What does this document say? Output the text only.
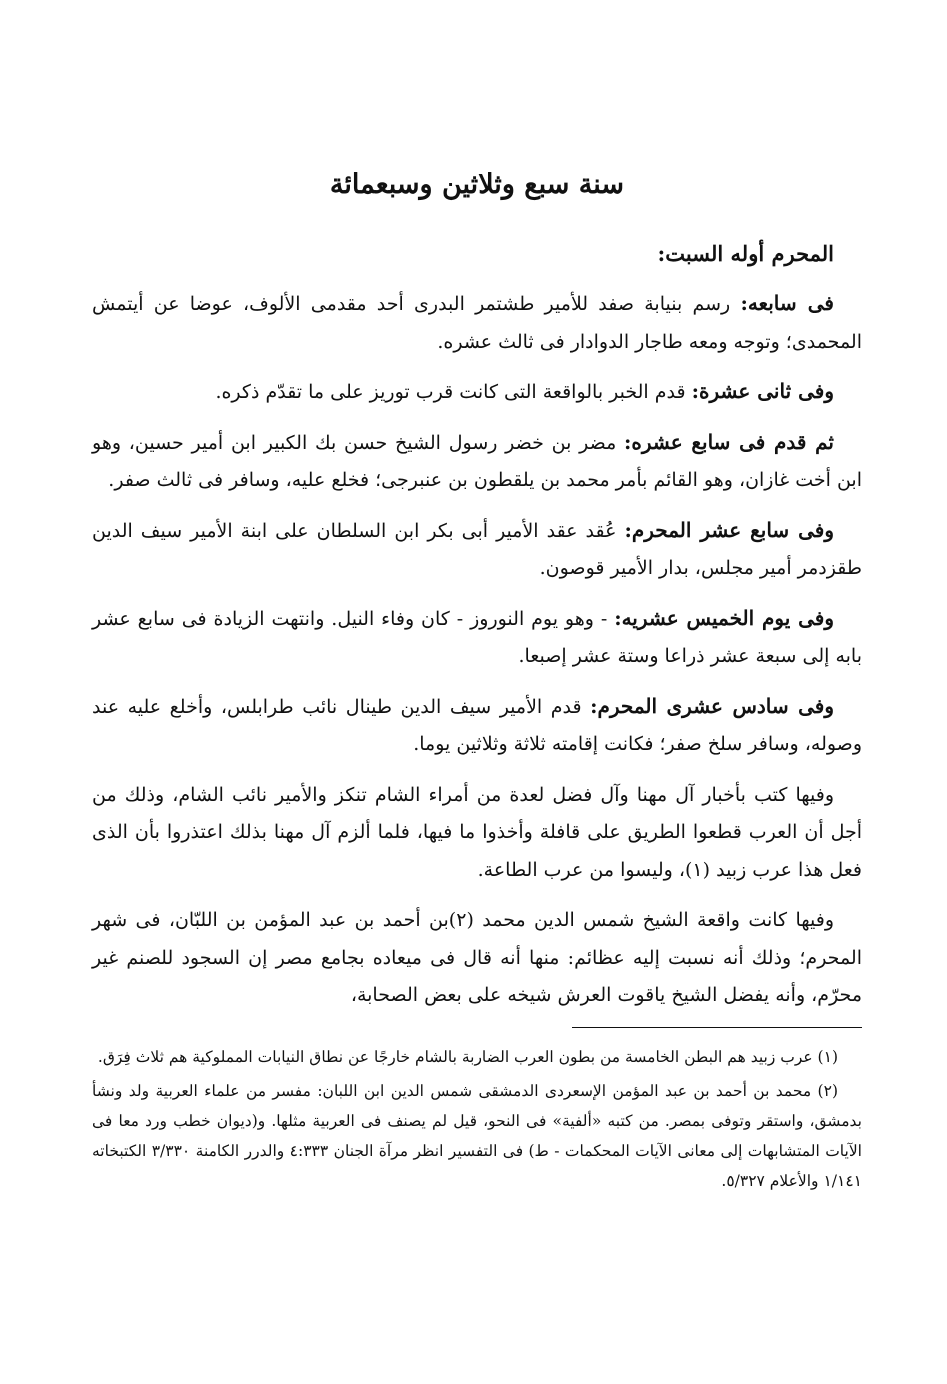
سنة سبع وثلاثين وسبعمائة
المحرم أوله السبت:

فى سابعه: رسم بنيابة صفد للأمير طشتمر البدرى أحد مقدمى الألوف، عوضا عن أيتمش المحمدى؛ وتوجه ومعه طاجار الدوادار فى ثالث عشره.

وفى ثانى عشرة: قدم الخبر بالواقعة التى كانت قرب توريز على ما تقدّم ذكره.

ثم قدم فى سابع عشره: مضر بن خضر رسول الشيخ حسن بك الكبير ابن أمير حسين، وهو ابن أخت غازان، وهو القائم بأمر محمد بن يلقطون بن عنبرجى؛ فخلع عليه، وسافر فى ثالث صفر.

وفى سابع عشر المحرم: عُقد عقد الأمير أبى بكر ابن السلطان على ابنة الأمير سيف الدين طقزدمر أمير مجلس، بدار الأمير قوصون.

وفى يوم الخميس عشريه: - وهو يوم النوروز - كان وفاء النيل. وانتهت الزيادة فى سابع عشر بابه إلى سبعة عشر ذراعا وستة عشر إصبعا.

وفى سادس عشرى المحرم: قدم الأمير سيف الدين طينال نائب طرابلس، وأخلع عليه عند وصوله، وسافر سلخ صفر؛ فكانت إقامته ثلاثة وثلاثين يوما.

وفيها كتب بأخبار آل مهنا وآل فضل لعدة من أمراء الشام تنكز والأمير نائب الشام، وذلك من أجل أن العرب قطعوا الطريق على قافلة وأخذوا ما فيها، فلما ألزم آل مهنا بذلك اعتذروا بأن الذى فعل هذا عرب زبيد (١)، وليسوا من عرب الطاعة.

وفيها كانت واقعة الشيخ شمس الدين محمد (٢)بن أحمد بن عبد المؤمن بن اللبّان، فى شهر المحرم؛ وذلك أنه نسبت إليه عظائم: منها أنه قال فى ميعاده بجامع مصر إن السجود للصنم غير محرّم، وأنه يفضل الشيخ ياقوت العرش شيخه على بعض الصحابة،

(١) عرب زبيد هم البطن الخامسة من بطون العرب الضاربة بالشام خارجًا عن نطاق النيابات المملوكية هم ثلاث فِرَق.

(٢) محمد بن أحمد بن عبد المؤمن الإسعردى الدمشقى شمس الدين ابن اللبان: مفسر من علماء العربية ولد ونشأ بدمشق، واستقر وتوفى بمصر. من كتبه «ألفية» فى النحو، قيل لم يصنف فى العربية مثلها. و(ديوان خطب ورد معا فى الآيات المتشابهات إلى معانى الآيات المحكمات - ط) فى التفسير انظر مرآة الجنان ٤:٣٣٣ والدرر الكامنة ٣/٣٣٠ الكتبخاته ١/١٤١ والأعلام ٥/٣٢٧.
